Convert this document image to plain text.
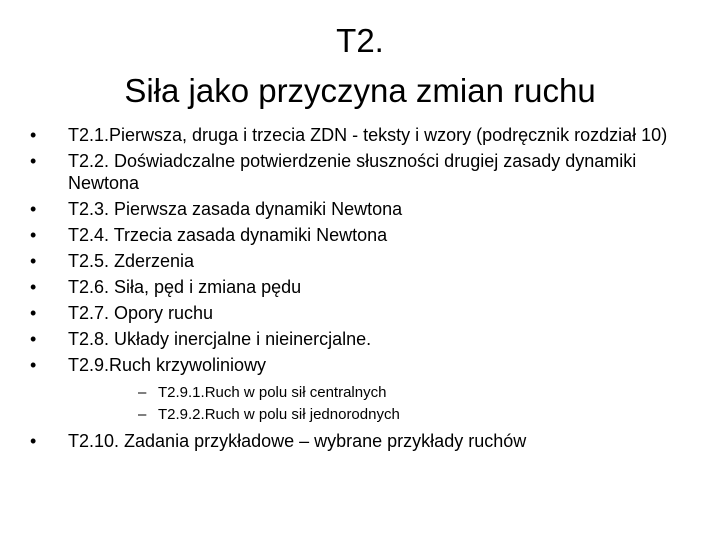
T2.
Siła jako przyczyna zmian ruchu
•	T2.1.Pierwsza, druga i trzecia ZDN - teksty i wzory (podręcznik rozdział 10)
•	T2.2. Doświadczalne potwierdzenie słuszności drugiej zasady dynamiki Newtona
•	T2.3. Pierwsza zasada dynamiki Newtona
•	T2.4. Trzecia zasada dynamiki Newtona
•	T2.5. Zderzenia
•	T2.6. Siła, pęd i zmiana pędu
•	T2.7. Opory ruchu
•	T2.8. Układy inercjalne i nieinercjalne.
•	T2.9.Ruch krzywoliniowy
– T2.9.1.Ruch w polu sił centralnych
– T2.9.2.Ruch w polu sił jednorodnych
•	T2.10. Zadania przykładowe – wybrane przykłady ruchów
